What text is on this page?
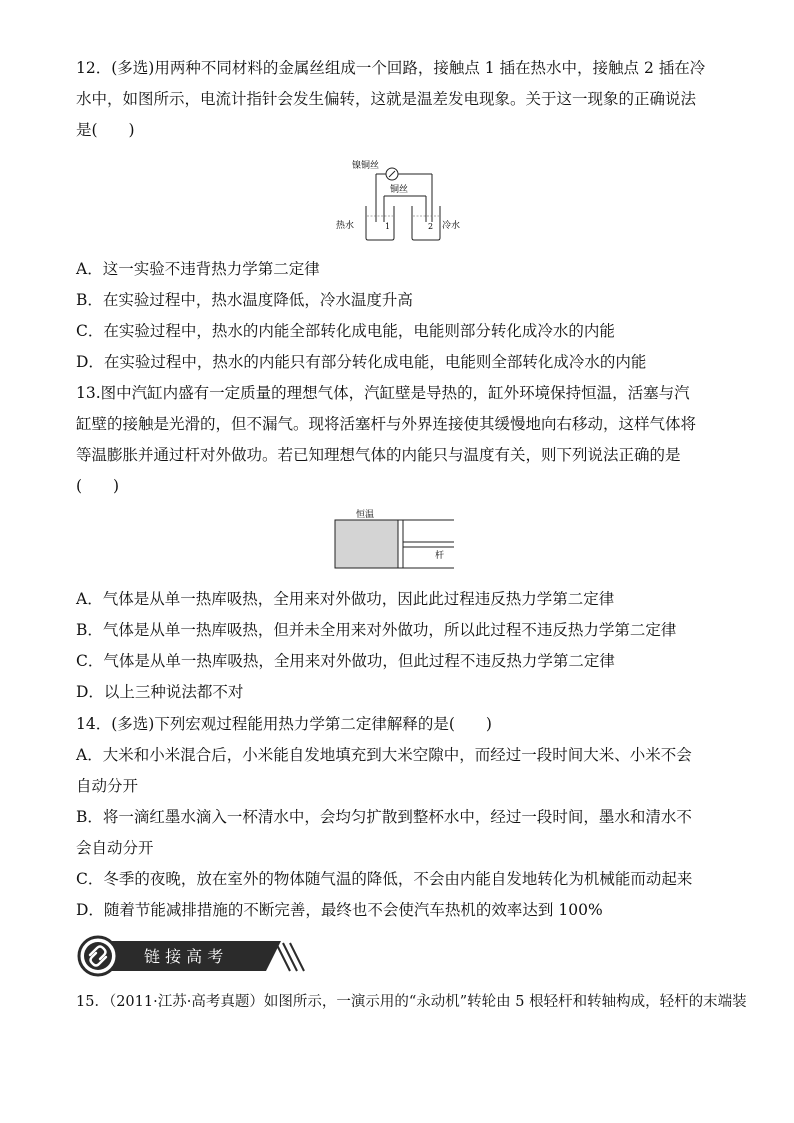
12．(多选)用两种不同材料的金属丝组成一个回路，接触点 1 插在热水中，接触点 2 插在冷
水中，如图所示，电流计指针会发生偏转，这就是温差发电现象。关于这一现象的正确说法
是(　　)
镍铜丝
铜丝
热水	冷水
1	2
A．这一实验不违背热力学第二定律
B．在实验过程中，热水温度降低，冷水温度升高
C．在实验过程中，热水的内能全部转化成电能，电能则部分转化成冷水的内能
D．在实验过程中，热水的内能只有部分转化成电能，电能则全部转化成冷水的内能
13.图中汽缸内盛有一定质量的理想气体，汽缸壁是导热的，缸外环境保持恒温，活塞与汽
缸壁的接触是光滑的，但不漏气。现将活塞杆与外界连接使其缓慢地向右移动，这样气体将
等温膨胀并通过杆对外做功。若已知理想气体的内能只与温度有关，则下列说法正确的是
(　　)
恒温
杆
A．气体是从单一热库吸热，全用来对外做功，因此此过程违反热力学第二定律
B．气体是从单一热库吸热，但并未全用来对外做功，所以此过程不违反热力学第二定律
C．气体是从单一热库吸热，全用来对外做功，但此过程不违反热力学第二定律
D．以上三种说法都不对
14．(多选)下列宏观过程能用热力学第二定律解释的是(　　)
A．大米和小米混合后，小米能自发地填充到大米空隙中，而经过一段时间大米、小米不会
自动分开
B．将一滴红墨水滴入一杯清水中，会均匀扩散到整杯水中，经过一段时间，墨水和清水不
会自动分开
C．冬季的夜晚，放在室外的物体随气温的降低，不会由内能自发地转化为机械能而动起来
D．随着节能减排措施的不断完善，最终也不会使汽车热机的效率达到 100%
链 接 高 考
15．（2011·江苏·高考真题）如图所示，一演示用的“永动机”转轮由 5 根轻杆和转轴构成，轻杆的末端装
